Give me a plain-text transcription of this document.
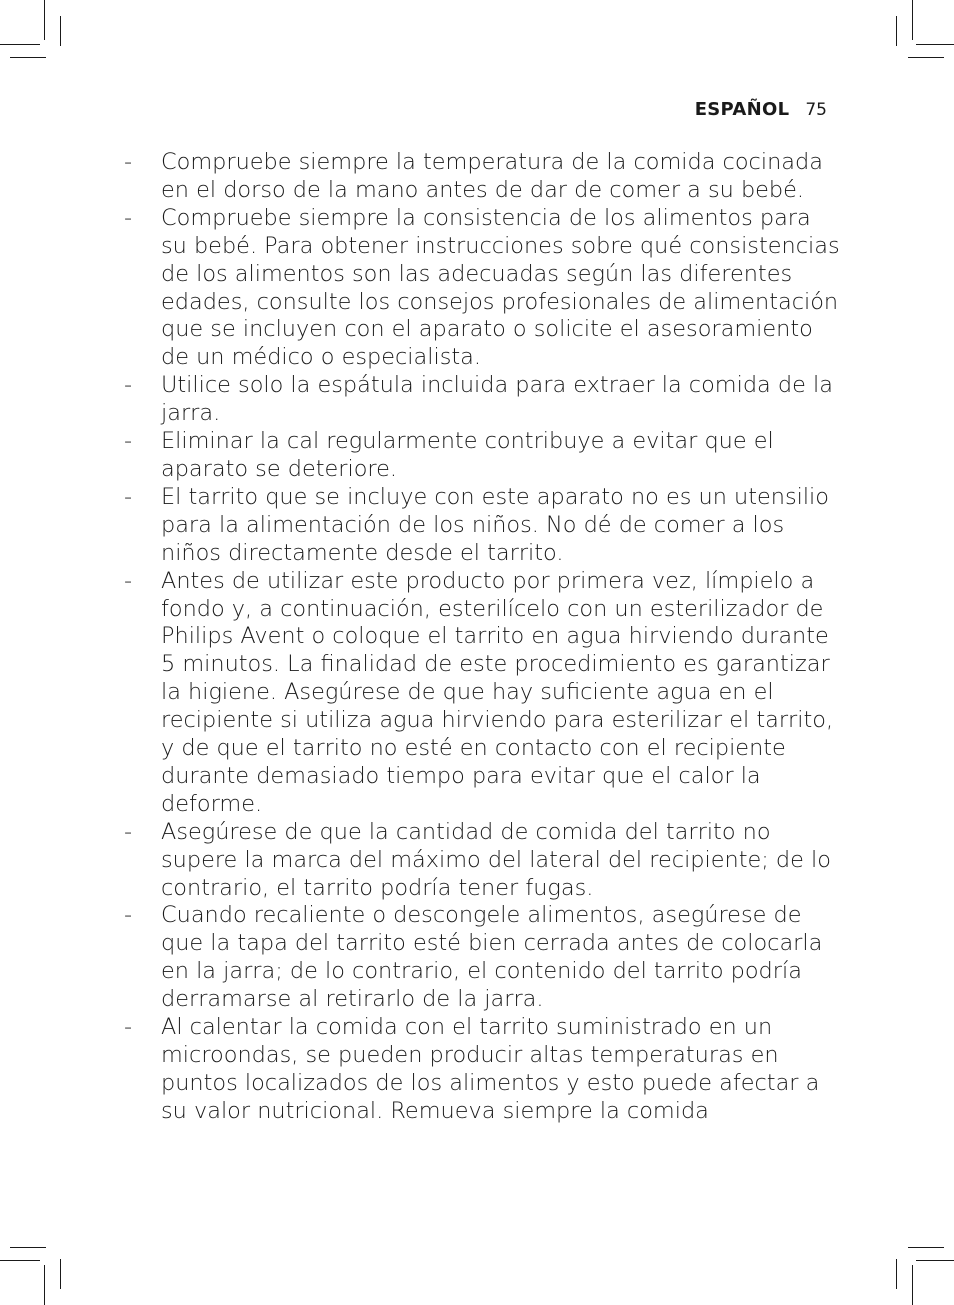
ESPAÑOL 75
- Compruebe siempre la temperatura de la comida cocinada en el dorso de la mano antes de dar de comer a su bebé.
- Compruebe siempre la consistencia de los alimentos para su bebé. Para obtener instrucciones sobre qué consistencias de los alimentos son las adecuadas según las diferentes edades, consulte los consejos profesionales de alimentación que se incluyen con el aparato o solicite el asesoramiento de un médico o especialista.
- Utilice solo la espátula incluida para extraer la comida de la jarra.
- Eliminar la cal regularmente contribuye a evitar que el aparato se deteriore.
- El tarrito que se incluye con este aparato no es un utensilio para la alimentación de los niños. No dé de comer a los niños directamente desde el tarrito.
- Antes de utilizar este producto por primera vez, límpielo a fondo y, a continuación, esterilícelo con un esterilizador de Philips Avent o coloque el tarrito en agua hirviendo durante 5 minutos. La finalidad de este procedimiento es garantizar la higiene. Asegúrese de que hay suficiente agua en el recipiente si utiliza agua hirviendo para esterilizar el tarrito, y de que el tarrito no esté en contacto con el recipiente durante demasiado tiempo para evitar que el calor la deforme.
- Asegúrese de que la cantidad de comida del tarrito no supere la marca del máximo del lateral del recipiente; de lo contrario, el tarrito podría tener fugas.
- Cuando recaliente o descongele alimentos, asegúrese de que la tapa del tarrito esté bien cerrada antes de colocarla en la jarra; de lo contrario, el contenido del tarrito podría derramarse al retirarlo de la jarra.
- Al calentar la comida con el tarrito suministrado en un microondas, se pueden producir altas temperaturas en puntos localizados de los alimentos y esto puede afectar a su valor nutricional. Remueva siempre la comida
